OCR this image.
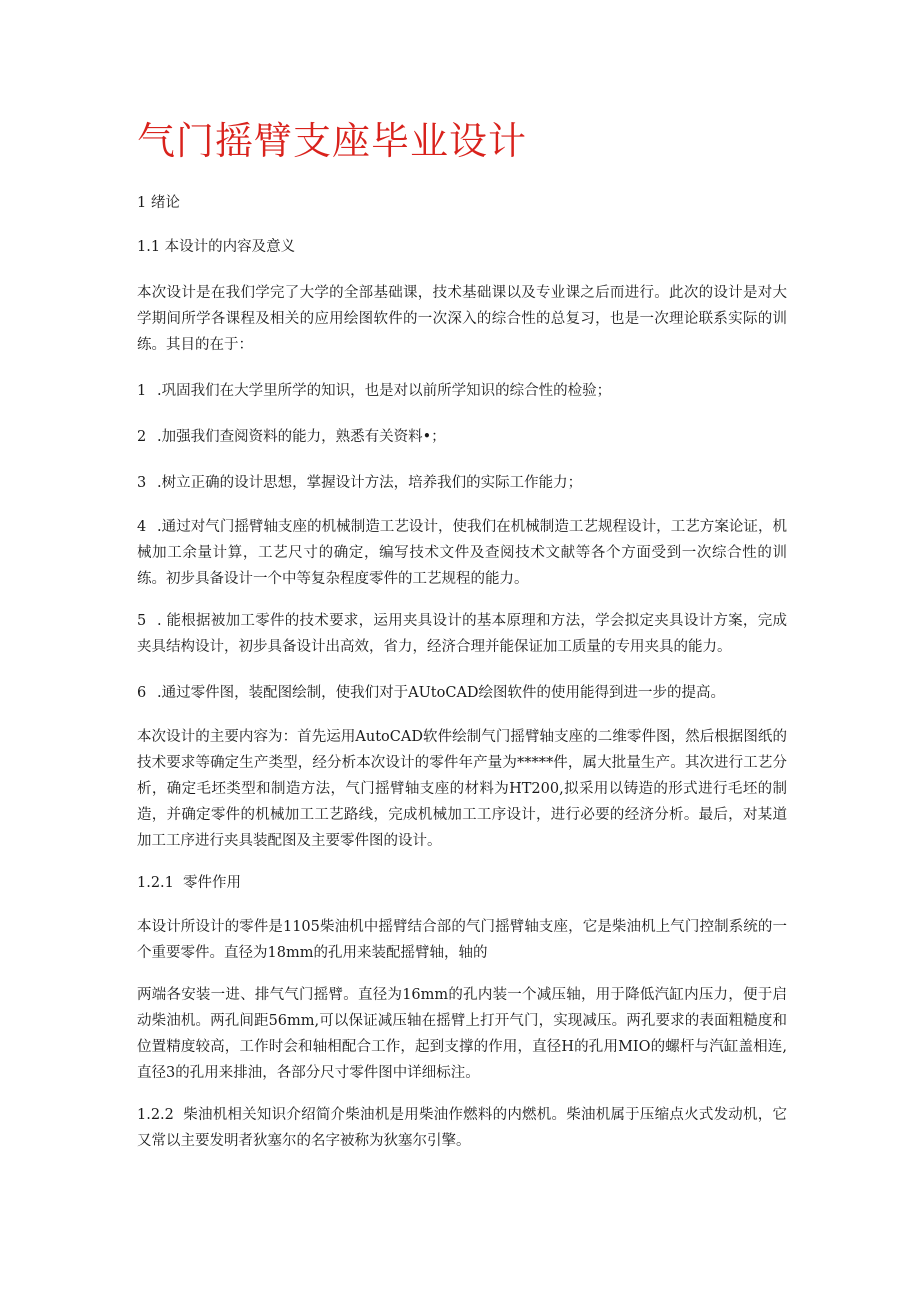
气门摇臂支座毕业设计

1 绪论

1.1 本设计的内容及意义

本次设计是在我们学完了大学的全部基础课，技术基础课以及专业课之后而进行。此次的设计是对大学期间所学各课程及相关的应用绘图软件的一次深入的综合性的总复习，也是一次理论联系实际的训练。其目的在于：

1 .巩固我们在大学里所学的知识，也是对以前所学知识的综合性的检验；

2 .加强我们查阅资料的能力，熟悉有关资料•；

3 .树立正确的设计思想，掌握设计方法，培养我们的实际工作能力；

4 .通过对气门摇臂轴支座的机械制造工艺设计，使我们在机械制造工艺规程设计，工艺方案论证，机械加工余量计算，工艺尺寸的确定，编写技术文件及查阅技术文献等各个方面受到一次综合性的训练。初步具备设计一个中等复杂程度零件的工艺规程的能力。

5 . 能根据被加工零件的技术要求，运用夹具设计的基本原理和方法，学会拟定夹具设计方案，完成夹具结构设计，初步具备设计出高效，省力，经济合理并能保证加工质量的专用夹具的能力。

6 .通过零件图，装配图绘制，使我们对于AUtoCAD绘图软件的使用能得到进一步的提高。

本次设计的主要内容为：首先运用AutoCAD软件绘制气门摇臂轴支座的二维零件图，然后根据图纸的技术要求等确定生产类型，经分析本次设计的零件年产量为*****件，属大批量生产。其次进行工艺分析，确定毛坯类型和制造方法，气门摇臂轴支座的材料为HT200,拟采用以铸造的形式进行毛坯的制造，并确定零件的机械加工工艺路线，完成机械加工工序设计，进行必要的经济分析。最后，对某道加工工序进行夹具装配图及主要零件图的设计。

1.2.1 零件作用

本设计所设计的零件是1105柴油机中摇臂结合部的气门摇臂轴支座，它是柴油机上气门控制系统的一个重要零件。直径为18mm的孔用来装配摇臂轴，轴的

两端各安装一进、排气气门摇臂。直径为16mm的孔内装一个减压轴，用于降低汽缸内压力，便于启动柴油机。两孔间距56mm,可以保证减压轴在摇臂上打开气门，实现减压。两孔要求的表面粗糙度和位置精度较高，工作时会和轴相配合工作，起到支撑的作用，直径H的孔用MIO的螺杆与汽缸盖相连,直径3的孔用来排油，各部分尺寸零件图中详细标注。

1.2.2 柴油机相关知识介绍简介柴油机是用柴油作燃料的内燃机。柴油机属于压缩点火式发动机，它又常以主要发明者狄塞尔的名字被称为狄塞尔引擎。
